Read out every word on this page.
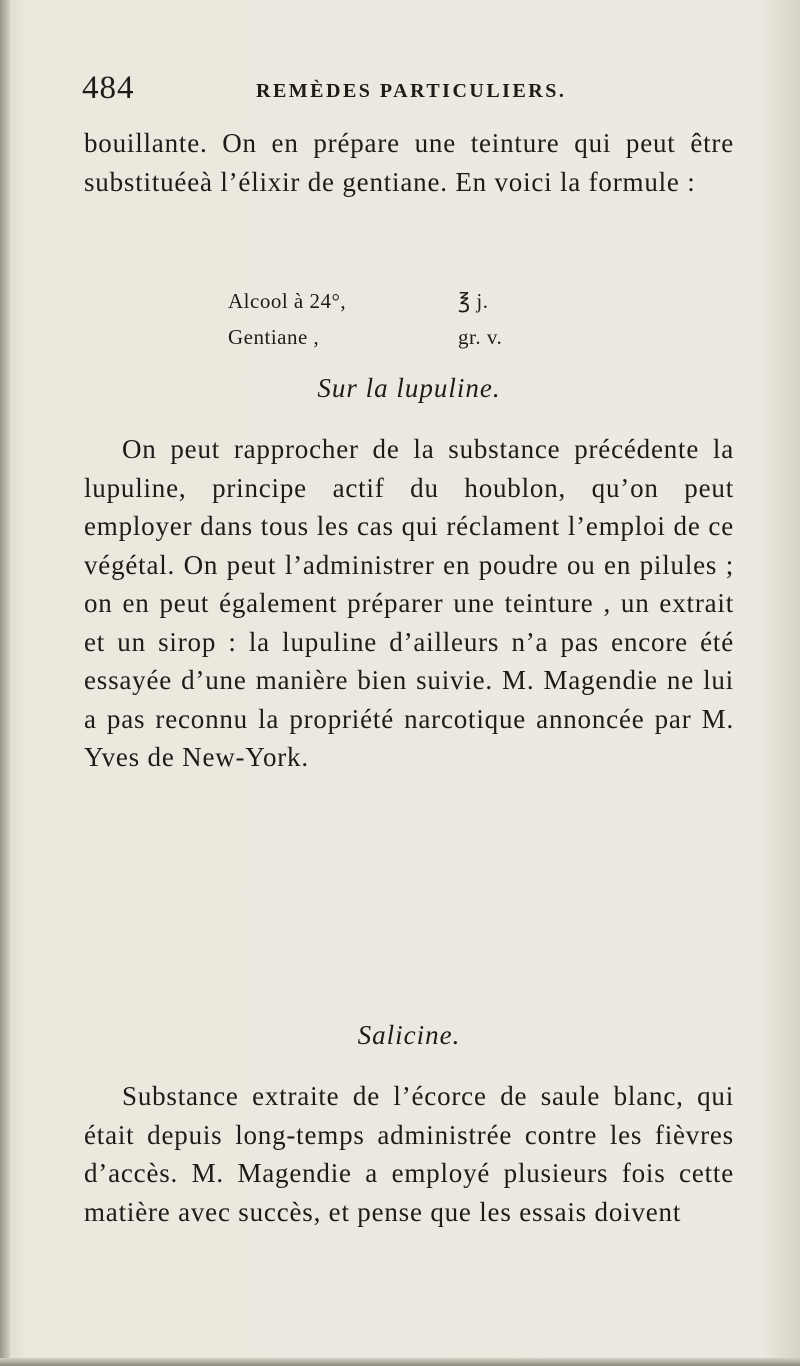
484	REMÈDES PARTICULIERS.

bouillante. On en prépare une teinture qui peut être substituéeà l’élixir de gentiane. En voici la formule :

Alcool à 24°,	℥ j.
Gentiane ,	gr. v.
Sur la lupuline.

On peut rapprocher de la substance précédente la lupuline, principe actif du houblon, qu’on peut employer dans tous les cas qui réclament l’emploi de ce végétal. On peut l’administrer en poudre ou en pilules ; on en peut également préparer une teinture , un extrait et un sirop : la lupuline d’ailleurs n’a pas encore été essayée d’une manière bien suivie. M. Magendie ne lui a pas reconnu la propriété narcotique annoncée par M. Yves de New-York.

Salicine.

Substance extraite de l’écorce de saule blanc, qui était depuis long-temps administrée contre les fièvres d’accès. M. Magendie a employé plusieurs fois cette matière avec succès, et pense que les essais doivent
